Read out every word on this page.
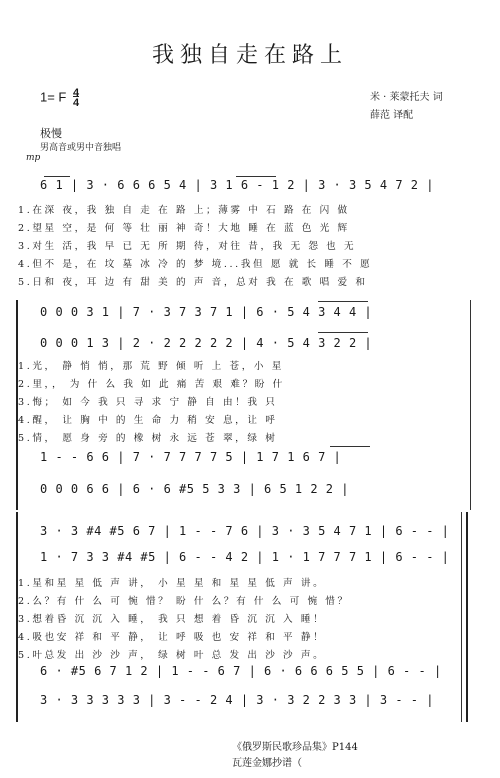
我独自走在路上
1= F $\frac{4}{4}$	米 · 莱蒙托夫 词
薛范 译配
极慢
男高音或男中音独唱
mp
6 1 | 3 · 6 6 6 5 4 | 3 1 6 - 1 2 | 3 · 3 5 4 7 2 |
1.在深 夜，我 独 自 走 在 路 上；薄雾 中 石 路 在 闪 做
2.望星 空，是 何 等 壮 丽 神 奇！大地 睡 在 蓝 色 光 辉
3.对生 活，我 早 已 无 所 期 待，对往 昔，我 无 怨 也 无
4.但不 是，在 坟 墓 冰 冷 的 梦 境...我但 愿 就 长 睡 不 愿
5.日和 夜，耳 边 有 甜 美 的 声 音，总对 我 在 歌 唱 爱 和
0 0 0 3 1 | 7 · 3 7 3 7 1 | 6 · 5 4 3 4 4 |
0 0 0 1 3 | 2 · 2 2 2 2 2 | 4 · 5 4 3 2 2 |
1.光， 静 悄 悄，那 荒 野 倾 听 上 苍，小 星
2.里，， 为 什 么 我 如 此 痛 苦 艰 难？盼 什
3.悔； 如 今 我 只 寻 求 宁 静 自 由！我 只
4.醒， 让 胸 中 的 生 命 力 稍 安 息，让 呼
5.情， 愿 身 旁 的 橡 树 永 远 苍 翠，绿 树
1 - - 6 6 | 7 · 7 7 7 7 5 | 1 7 1 6 7 |
0 0 0 6 6 | 6 · 6 #5 5 3 3 | 6 5 1 2 2 |
3 · 3 #4 #5 6 7 | 1 - - 7 6 | 3 · 3 5 4 7 1 | 6 - - |
1 · 7 3 3 #4 #5 | 6 - - 4 2 | 1 · 1 7 7 7 1 | 6 - - |
1.星和星 星 低 声 讲， 小 星 星 和 星 星 低 声 讲。
2.么？有 什 么 可 惋 惜？ 盼 什 么？有 什 么 可 惋 惜？
3.想着昏 沉 沉 入 睡， 我 只 想 着 昏 沉 沉 入 睡！
4.吸也安 祥 和 平 静， 让 呼 吸 也 安 祥 和 平 静！
5.叶总发 出 沙 沙 声， 绿 树 叶 总 发 出 沙 沙 声。
6 · #5 6 7 1 2 | 1 - - 6 7 | 6 · 6 6 6 5 5 | 6 - - |
3 · 3 3 3 3 3 | 3 - - 2 4 | 3 · 3 2 2 3 3 | 3 - - |
《俄罗斯民歌珍品集》P144
瓦莲金娜抄谱（
